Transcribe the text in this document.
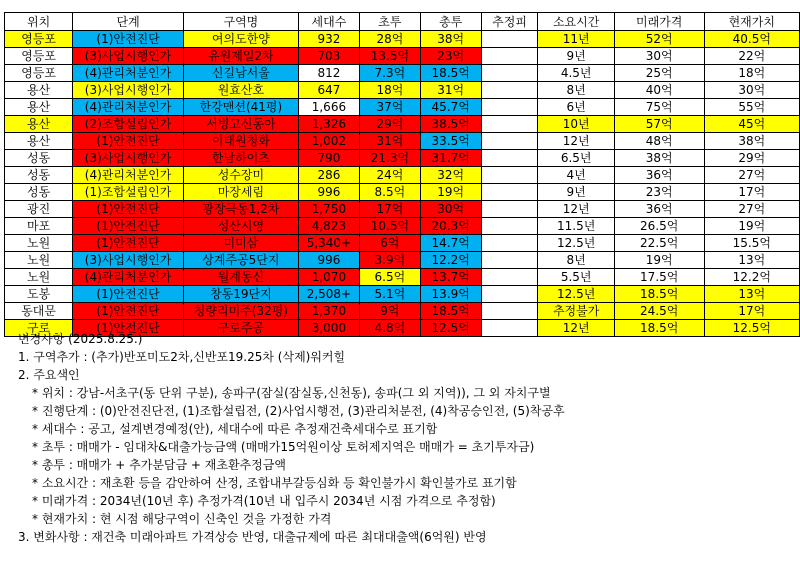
위치	단계	구역명	세대수	초투	총투	추정피	소요시간	미래가격	현재가치
영등포	(1)안전진단	여의도한양	932	28억	38억		11년	52억	40.5억
영등포	(3)사업시행인가	유원제일2차	703	13.5억	23억		9년	30억	22억
영등포	(4)관리처분인가	신길남서울	812	7.3억	18.5억		4.5년	25억	18억
용산	(3)사업시행인가	원효산호	647	18억	31억		8년	40억	30억
용산	(4)관리처분인가	한강맨션(41평)	1,666	37억	45.7억		6년	75억	55억
용산	(2)조합설립인가	서빙고신동아	1,326	29억	38.5억		10년	57억	45억
용산	(1)안전진단	이태원청화	1,002	31억	33.5억		12년	48억	38억
성동	(3)사업시행인가	한남하이츠	790	21.3억	31.7억		6.5년	38억	29억
성동	(4)관리처분인가	성수장미	286	24억	32억		4년	36억	27억
성동	(1)조합설립인가	마장세림	996	8.5억	19억		9년	23억	17억
광진	(1)안전진단	광장극동1,2차	1,750	17억	30억		12년	36억	27억
마포	(1)안전진단	성산시영	4,823	10.5억	20.3억		11.5년	26.5억	19억
노원	(1)안전진단	미미삼	5,340+	6억	14.7억		12.5년	22.5억	15.5억
노원	(3)사업시행인가	상계주공5단지	996	3.9억	12.2억		8년	19억	13억
노원	(4)관리처분인가	월계동신	1,070	6.5억	13.7억		5.5년	17.5억	12.2억
도봉	(1)안전진단	창동19단지	2,508+	5.1억	13.9억		12.5년	18.5억	13억
동대문	(1)안전진단	청량리미주(32평)	1,370	9억	18.5억		추정불가	24.5억	17억
구로	(1)안전진단	구로주공	3,000	4.8억	12.5억		12년	18.5억	12.5억
변경사항 (2025.8.25.)
1. 구역추가 : (추가)반포미도2차,신반포19.25차 (삭제)워커힐
2. 주요색인
* 위치 : 강남-서초구(동 단위 구분), 송파구(잠실(잠실동,신천동), 송파(그 외 지역)), 그 외 자치구별
* 진행단계 : (0)안전진단전, (1)조합설립전, (2)사업시행전, (3)관리처분전, (4)착공승인전, (5)착공후
* 세대수 : 공고, 설계변경예정(안), 세대수에 따른 추정재건축세대수로 표기함
* 초투 : 매매가 - 임대차&대출가능금액 (매매가15억원이상 토허제지역은 매매가 = 초기투자금)
* 총투 : 매매가 + 추가분담금 + 재초환추정금액
* 소요시간 : 재초환 등을 감안하여 산정, 조합내부갈등심화 등 확인불가시 확인불가로 표기함
* 미래가격 : 2034년(10년 후) 추정가격(10년 내 입주시 2034년 시점 가격으로 추정함)
* 현재가치 : 현 시점 해당구역이 신축인 것을 가정한 가격
3. 변화사항 : 재건축 미래아파트 가격상승 반영, 대출규제에 따른 최대대출액(6억원) 반영
